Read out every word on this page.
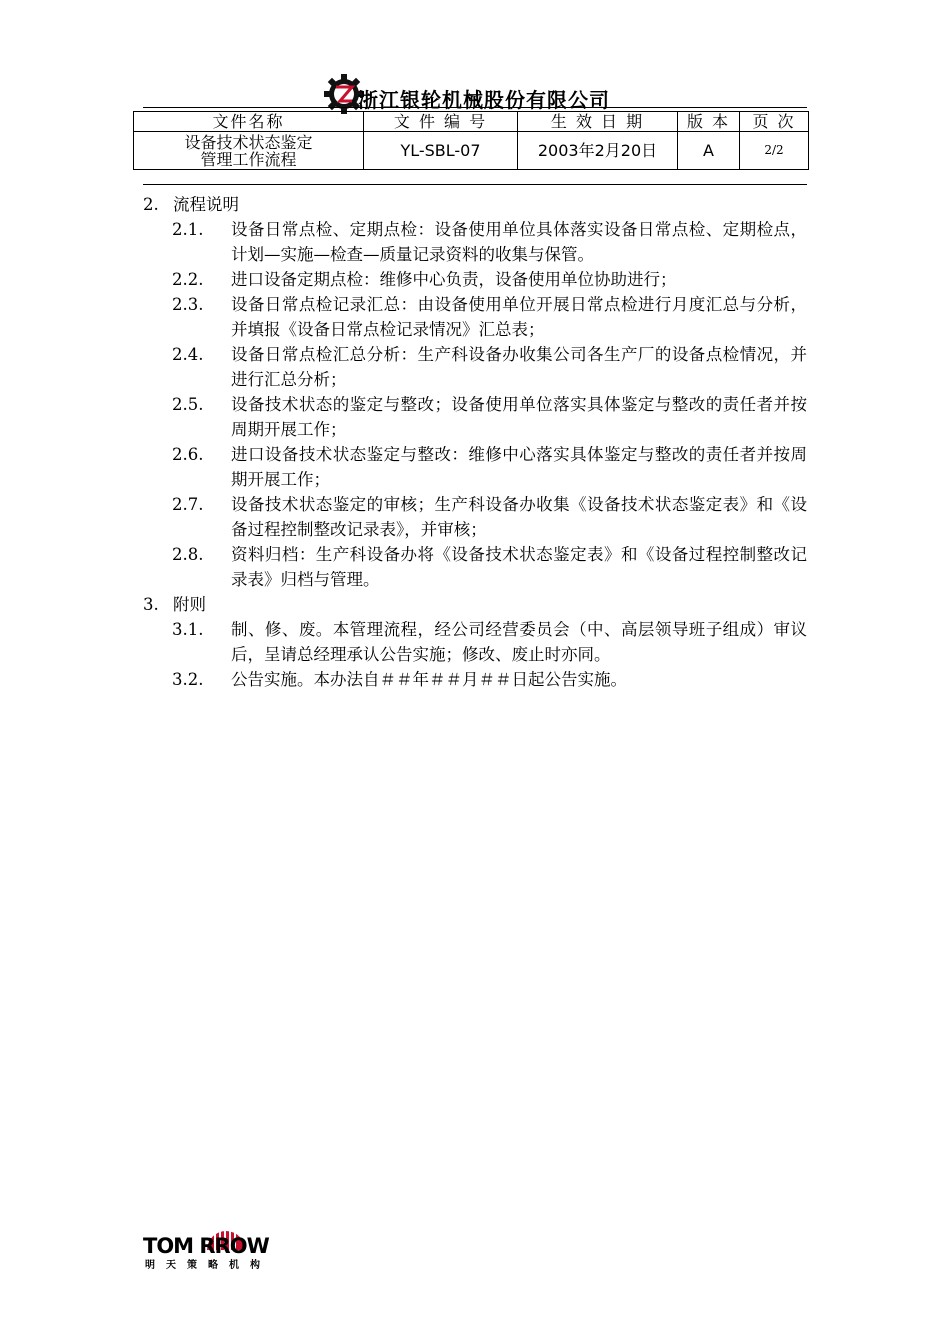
浙江银轮机械股份有限公司
文件名称	文 件 编 号	生 效 日 期	版 本	页 次

设备技术状态鉴定
管理工作流程	YL-SBL-07	2003年2月20日	A	2/2
2. 流程说明
2.1.	设备日常点检、定期点检：设备使用单位具体落实设备日常点检、定期检点，计划—实施—检查—质量记录资料的收集与保管。
2.2.	进口设备定期点检：维修中心负责，设备使用单位协助进行；
2.3.	设备日常点检记录汇总：由设备使用单位开展日常点检进行月度汇总与分析，并填报《设备日常点检记录情况》汇总表；
2.4.	设备日常点检汇总分析：生产科设备办收集公司各生产厂的设备点检情况，并进行汇总分析；
2.5.	设备技术状态的鉴定与整改；设备使用单位落实具体鉴定与整改的责任者并按周期开展工作；
2.6.	进口设备技术状态鉴定与整改：维修中心落实具体鉴定与整改的责任者并按周期开展工作；
2.7.	设备技术状态鉴定的审核；生产科设备办收集《设备技术状态鉴定表》和《设备过程控制整改记录表》，并审核；
2.8.	资料归档：生产科设备办将《设备技术状态鉴定表》和《设备过程控制整改记录表》归档与管理。
3. 附则
3.1.	制、修、废。本管理流程，经公司经营委员会（中、高层领导班子组成）审议后，呈请总经理承认公告实施；修改、废止时亦同。
3.2.	公告实施。本办法自＃＃年＃＃月＃＃日起公告实施。
TOM RROW
明天策略机构
